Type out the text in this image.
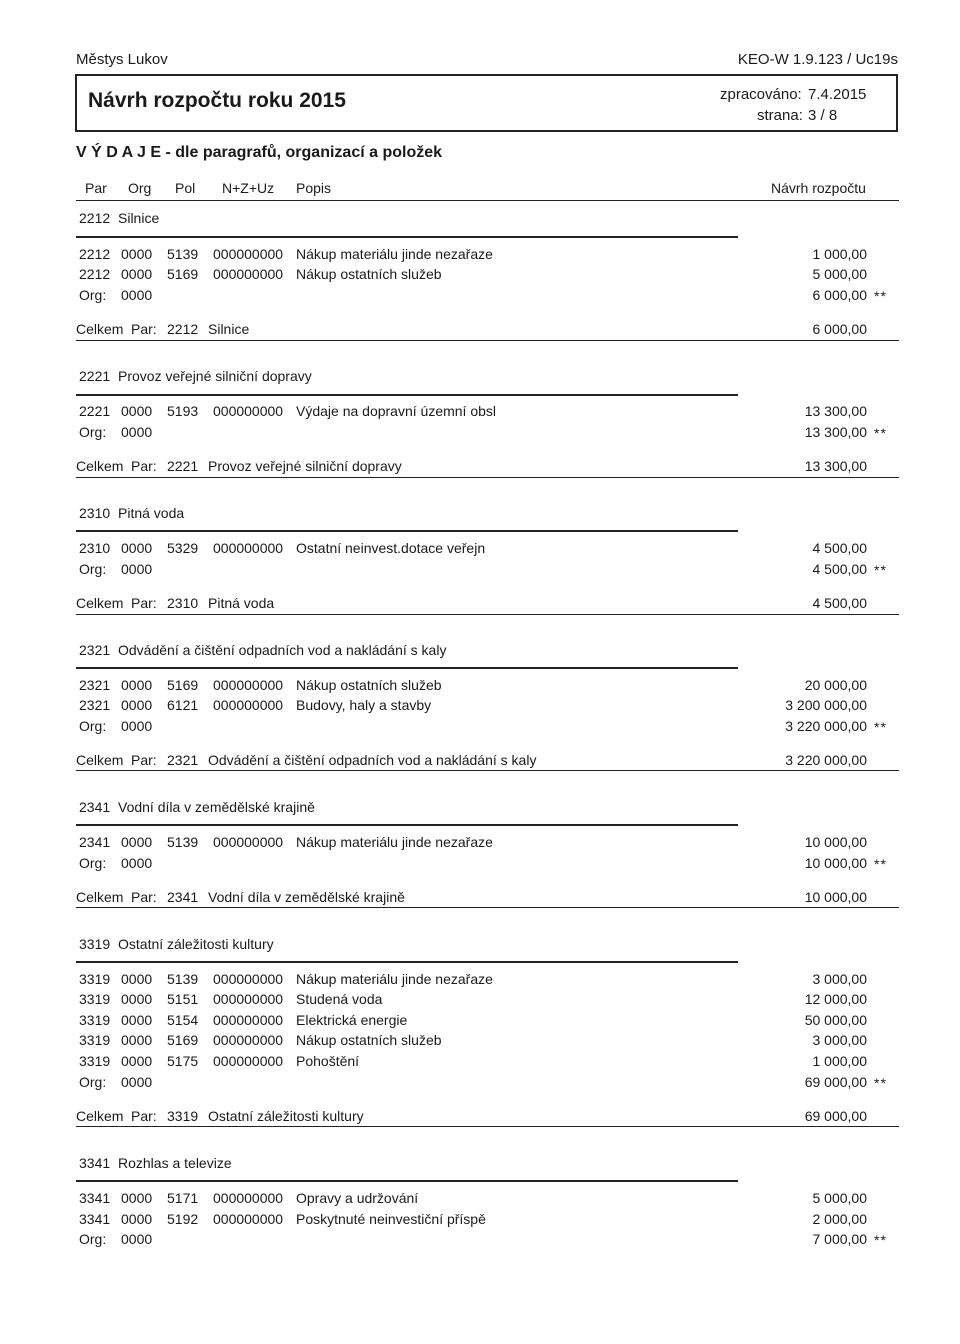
Městys Lukov	KEO-W 1.9.123 / Uc19s
Návrh rozpočtu roku 2015	zpracováno: 7.4.2015
strana: 3 / 8
V Ý D A J E - dle paragrafů, organizací a položek
Par Org Pol N+Z+Uz Popis	Návrh rozpočtu
2212 Silnice
2212 0000 5139 000000000 Nákup materiálu jinde nezařaze	1 000,00
2212 0000 5169 000000000 Nákup ostatních služeb	5 000,00
Org: 0000	6 000,00 **
Celkem Par: 2212 Silnice	6 000,00
2221 Provoz veřejné silniční dopravy
2221 0000 5193 000000000 Výdaje na dopravní územní obsl	13 300,00
Org: 0000	13 300,00 **
Celkem Par: 2221 Provoz veřejné silniční dopravy	13 300,00
2310 Pitná voda
2310 0000 5329 000000000 Ostatní neinvest.dotace veřejn	4 500,00
Org: 0000	4 500,00 **
Celkem Par: 2310 Pitná voda	4 500,00
2321 Odvádění a čištění odpadních vod a nakládání s kaly
2321 0000 5169 000000000 Nákup ostatních služeb	20 000,00
2321 0000 6121 000000000 Budovy, haly a stavby	3 200 000,00
Org: 0000	3 220 000,00 **
Celkem Par: 2321 Odvádění a čištění odpadních vod a nakládání s kaly	3 220 000,00
2341 Vodní díla v zemědělské krajině
2341 0000 5139 000000000 Nákup materiálu jinde nezařaze	10 000,00
Org: 0000	10 000,00 **
Celkem Par: 2341 Vodní díla v zemědělské krajině	10 000,00
3319 Ostatní záležitosti kultury
3319 0000 5139 000000000 Nákup materiálu jinde nezařaze	3 000,00
3319 0000 5151 000000000 Studená voda	12 000,00
3319 0000 5154 000000000 Elektrická energie	50 000,00
3319 0000 5169 000000000 Nákup ostatních služeb	3 000,00
3319 0000 5175 000000000 Pohoštění	1 000,00
Org: 0000	69 000,00 **
Celkem Par: 3319 Ostatní záležitosti kultury	69 000,00
3341 Rozhlas a televize
3341 0000 5171 000000000 Opravy a udržování	5 000,00
3341 0000 5192 000000000 Poskytnuté neinvestiční příspě	2 000,00
Org: 0000	7 000,00 **
